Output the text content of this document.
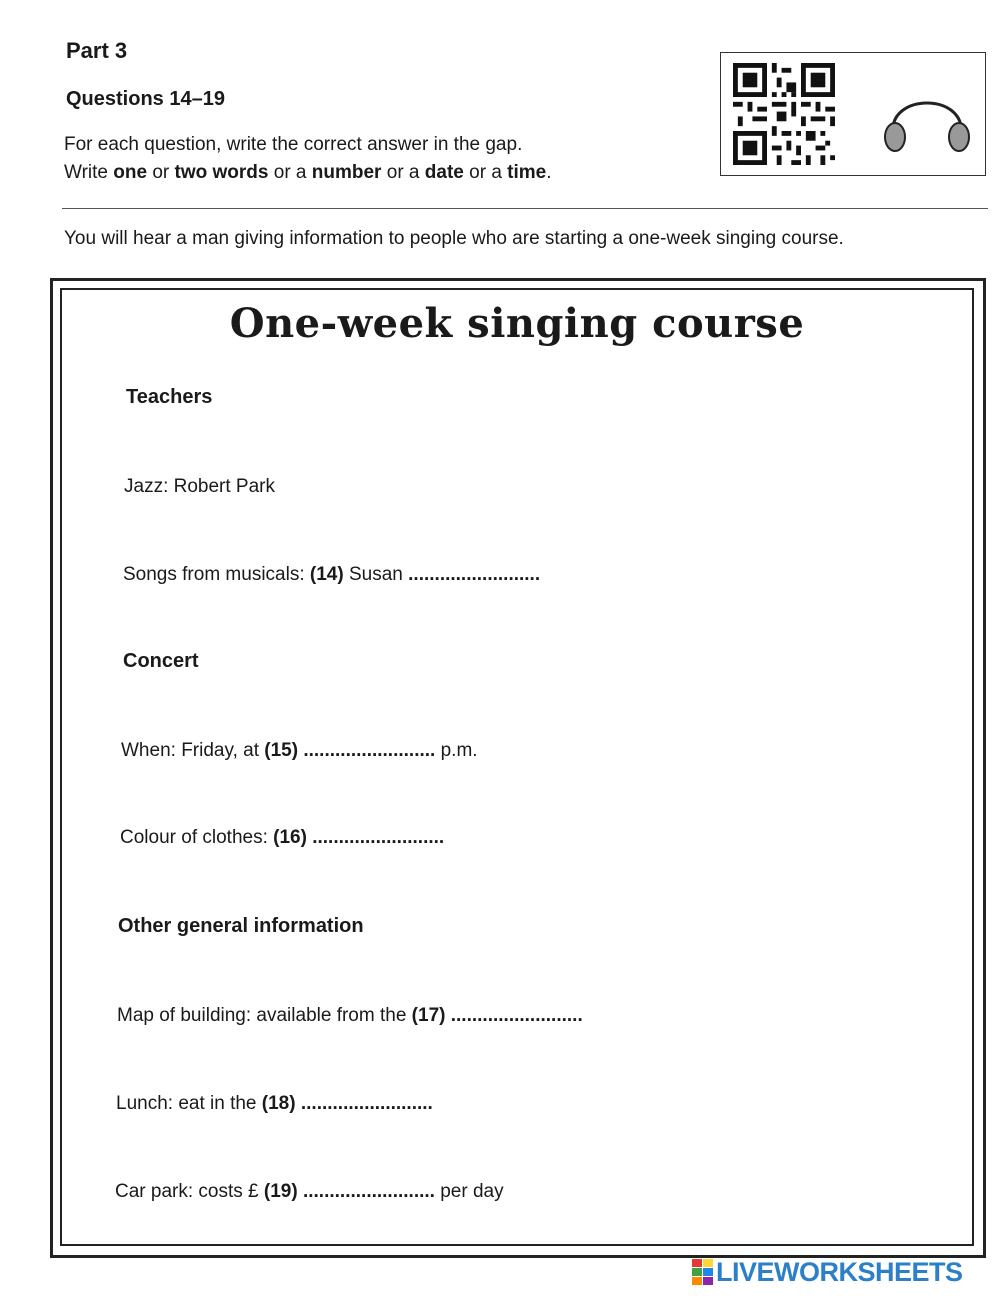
Part 3
Questions 14–19
For each question, write the correct answer in the gap.
Write one or two words or a number or a date or a time.
You will hear a man giving information to people who are starting a one-week singing course.
One-week singing course
Teachers
Jazz: Robert Park
Songs from musicals: (14) Susan .........................
Concert
When: Friday, at (15) ......................... p.m.
Colour of clothes: (16) .........................
Other general information
Map of building: available from the (17) .........................
Lunch: eat in the (18) .........................
Car park: costs £ (19) ......................... per day
LIVEWORKSHEETS
